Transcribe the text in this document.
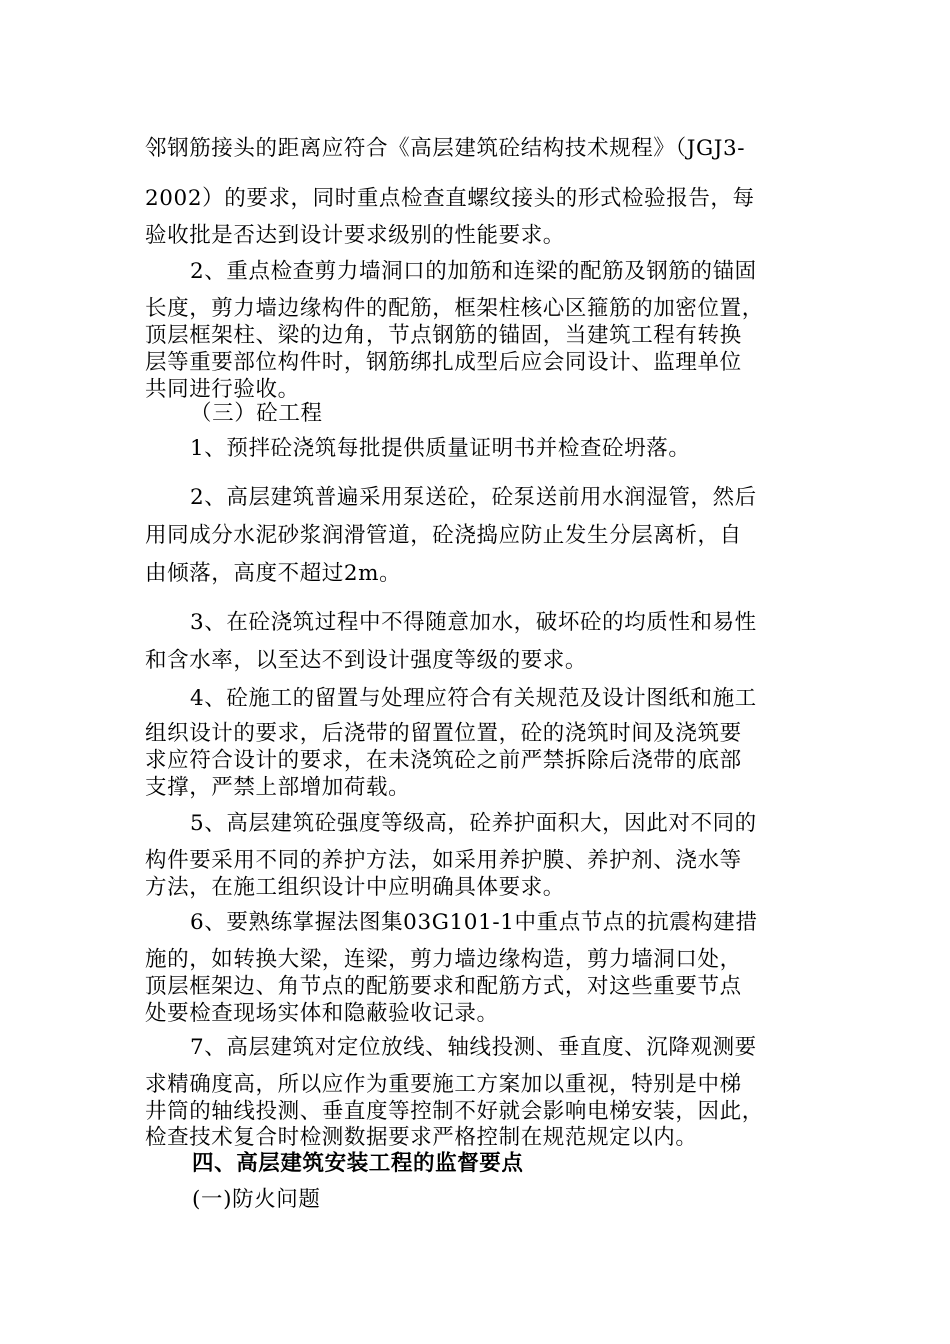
邻钢筋接头的距离应符合《高层建筑砼结构技术规程》（JGJ3-
2002）的要求，同时重点检查直螺纹接头的形式检验报告，每
验收批是否达到设计要求级别的性能要求。
2、重点检查剪力墙洞口的加筋和连梁的配筋及钢筋的锚固
长度，剪力墙边缘构件的配筋，框架柱核心区箍筋的加密位置，
顶层框架柱、梁的边角，节点钢筋的锚固，当建筑工程有转换
层等重要部位构件时，钢筋绑扎成型后应会同设计、监理单位
共同进行验收。
（三）砼工程
1、预拌砼浇筑每批提供质量证明书并检查砼坍落。
2、高层建筑普遍采用泵送砼，砼泵送前用水润湿管，然后
用同成分水泥砂浆润滑管道，砼浇捣应防止发生分层离析，自
由倾落，高度不超过2m。
3、在砼浇筑过程中不得随意加水，破坏砼的均质性和易性
和含水率，以至达不到设计强度等级的要求。
4、砼施工的留置与处理应符合有关规范及设计图纸和施工
组织设计的要求，后浇带的留置位置，砼的浇筑时间及浇筑要
求应符合设计的要求，在未浇筑砼之前严禁拆除后浇带的底部
支撑，严禁上部增加荷载。
5、高层建筑砼强度等级高，砼养护面积大，因此对不同的
构件要采用不同的养护方法，如采用养护膜、养护剂、浇水等
方法，在施工组织设计中应明确具体要求。
6、要熟练掌握法图集03G101-1中重点节点的抗震构建措
施的，如转换大梁，连梁，剪力墙边缘构造，剪力墙洞口处，
顶层框架边、角节点的配筋要求和配筋方式，对这些重要节点
处要检查现场实体和隐蔽验收记录。
7、高层建筑对定位放线、轴线投测、垂直度、沉降观测要
求精确度高，所以应作为重要施工方案加以重视，特别是中梯
井筒的轴线投测、垂直度等控制不好就会影响电梯安装，因此，
检查技术复合时检测数据要求严格控制在规范规定以内。
四、高层建筑安装工程的监督要点
(一)防火问题
